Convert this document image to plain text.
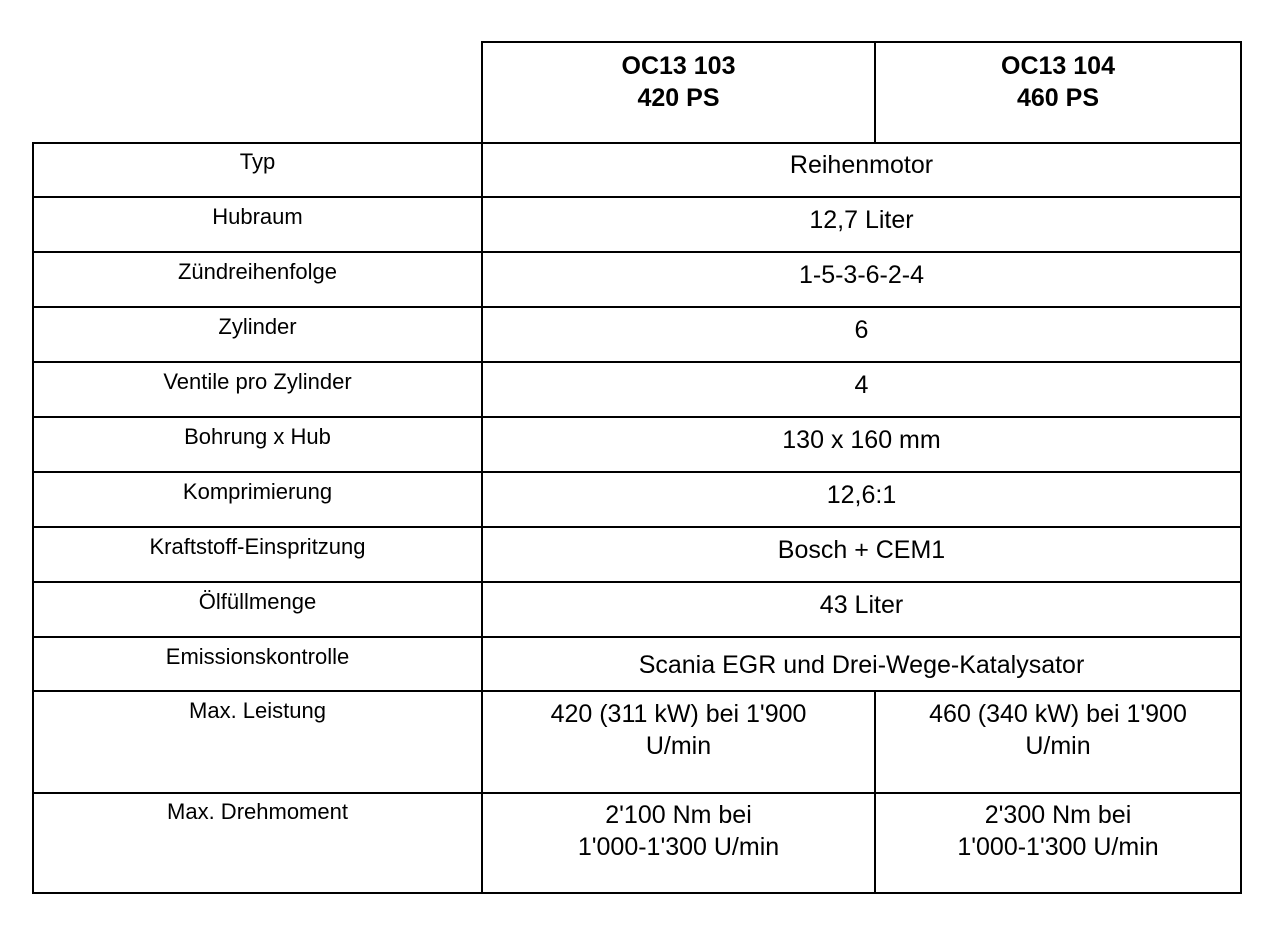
OC13 103
420 PS
OC13 104
460 PS
Typ
Hubraum
Zündreihenfolge
Zylinder
Ventile pro Zylinder
Bohrung x Hub
Komprimierung
Kraftstoff-Einspritzung
Ölfüllmenge
Emissionskontrolle
Max. Leistung
Max. Drehmoment
Reihenmotor
12,7 Liter
1-5-3-6-2-4
6
4
130 x 160 mm
12,6:1
Bosch + CEM1
43 Liter
Scania EGR und Drei-Wege-Katalysator
420 (311 kW) bei 1'900
U/min
460 (340 kW) bei 1'900
U/min
2'100 Nm bei
1'000-1'300 U/min
2'300 Nm bei
1'000-1'300 U/min
